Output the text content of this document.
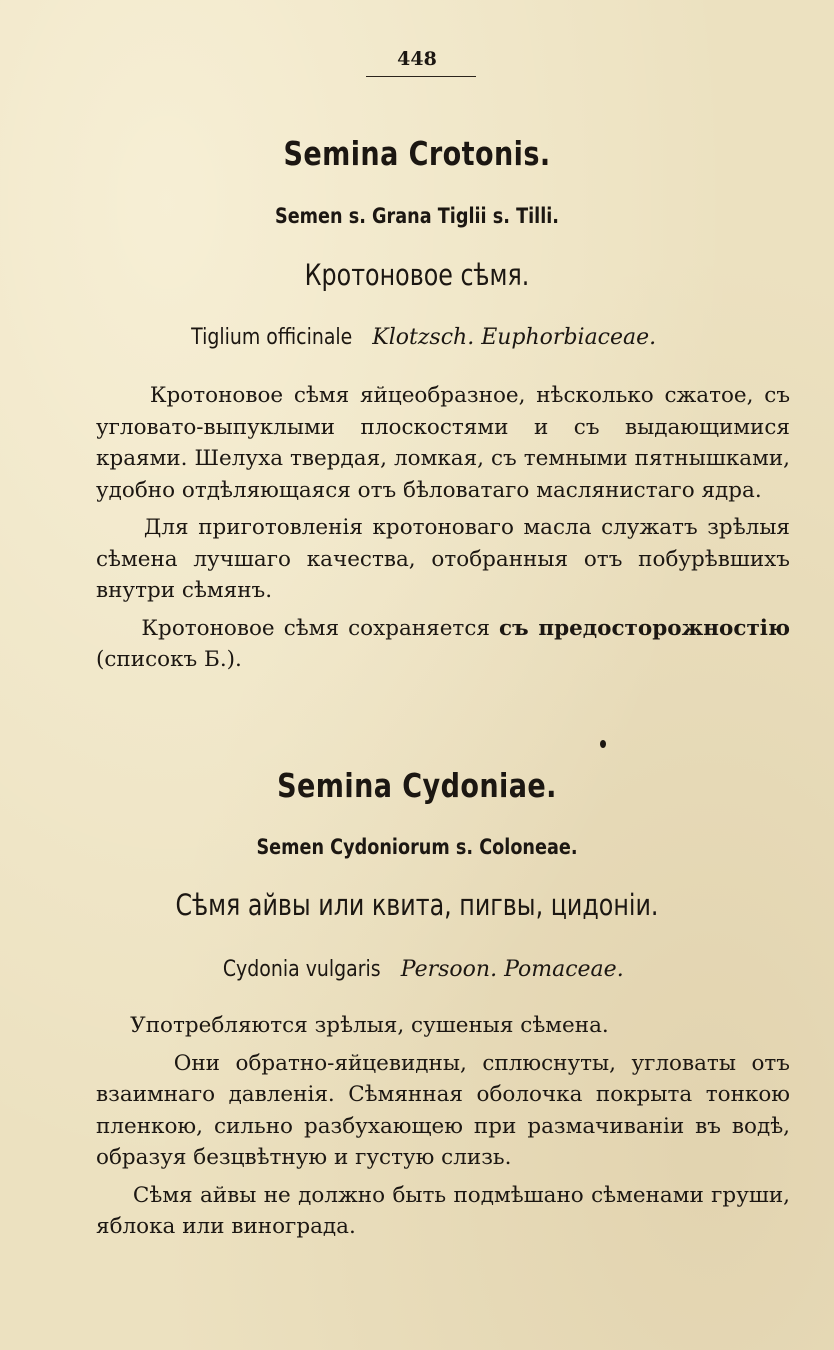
448
Semina Crotonis.
Semen s. Grana Tiglii s. Tilli.
Кротоновое сѣмя.
Tiglium officinale Klotzsch. Euphorbiaceae.

Кротоновое сѣмя яйцеобразное, нѣсколько сжатое, съ угловато-выпуклыми плоскостями и съ выдающимися краями. Шелуха твердая, ломкая, съ темными пятнышками, удобно отдѣляющаяся отъ бѣловатаго маслянистаго ядра.

Для приготовленія кротоноваго масла служатъ зрѣлыя сѣмена лучшаго качества, отобранныя отъ побурѣвшихъ внутри сѣмянъ.

Кротоновое сѣмя сохраняется съ предосторожностію (списокъ Б.).

Semina Cydoniae.
Semen Cydoniorum s. Coloneae.
Сѣмя айвы или квита, пигвы, цидоніи.
Cydonia vulgaris Persoon. Pomaceae.

Употребляются зрѣлыя, сушеныя сѣмена.

Они обратно-яйцевидны, сплюснуты, угловаты отъ взаимнаго давленія. Сѣмянная оболочка покрыта тонкою пленкою, сильно разбухающею при размачиваніи въ водѣ, образуя безцвѣтную и густую слизь.

Сѣмя айвы не должно быть подмѣшано сѣменами груши, яблока или винограда.
